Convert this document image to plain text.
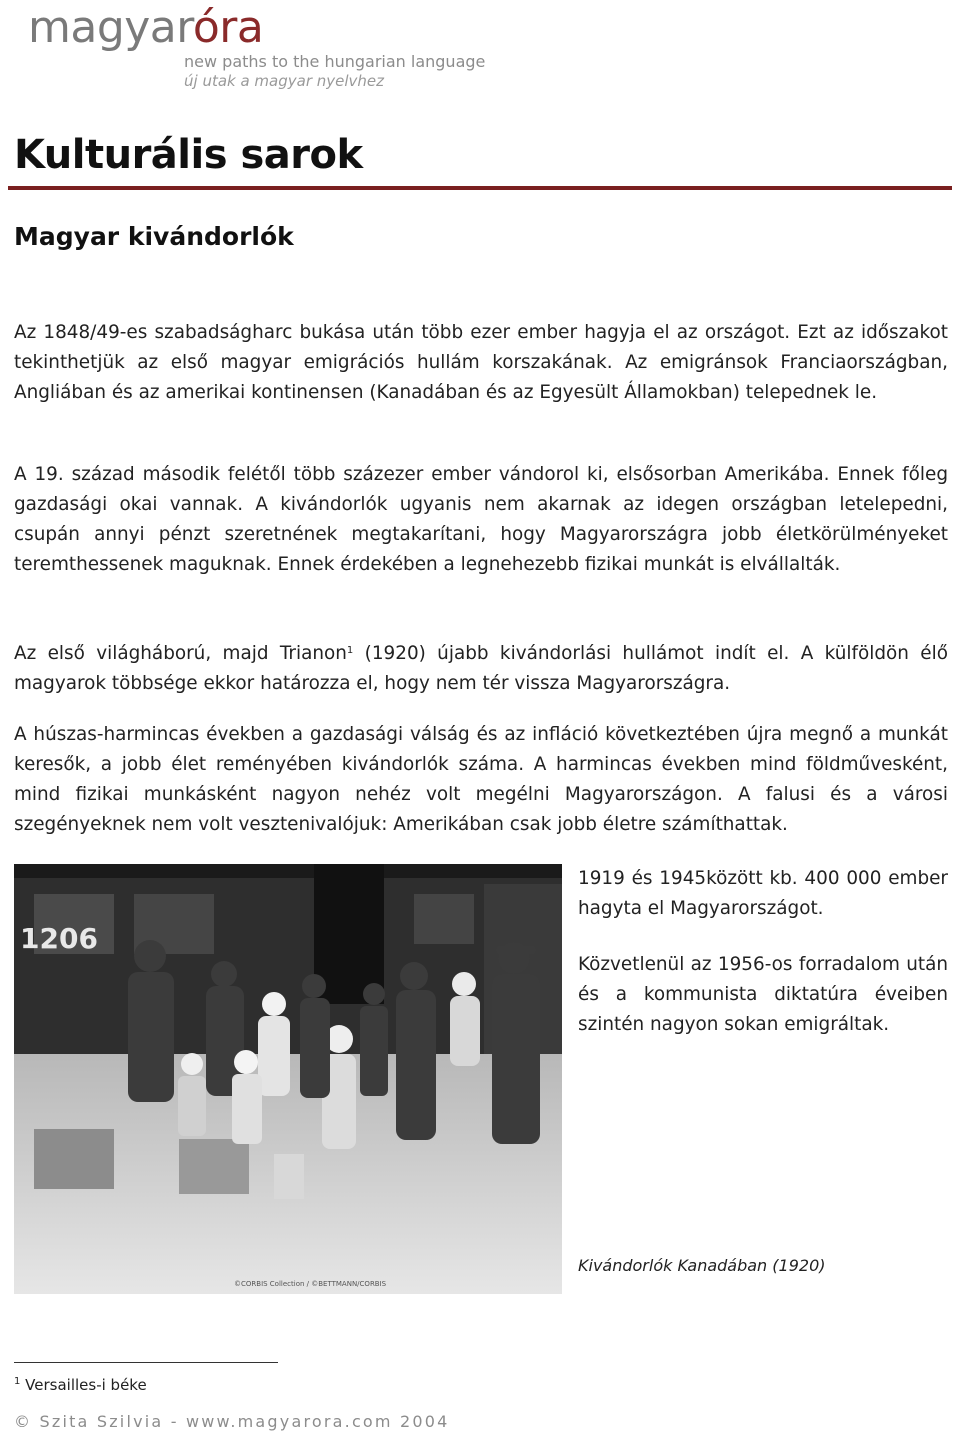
magyaróra
new paths to the hungarian language
új utak a magyar nyelvhez
Kulturális sarok
Magyar kivándorlók

Az 1848/49-es szabadságharc bukása után több ezer ember hagyja el az országot. Ezt az időszakot tekinthetjük az első magyar emigrációs hullám korszakának. Az emigránsok Franciaországban, Angliában és az amerikai kontinensen (Kanadában és az Egyesült Államokban) telepednek le.

A 19. század második felétől több százezer ember vándorol ki, elsősorban Amerikába. Ennek főleg gazdasági okai vannak. A kivándorlók ugyanis nem akarnak az idegen országban letelepedni, csupán annyi pénzt szeretnének megtakarítani, hogy Magyarországra jobb életkörülményeket teremthessenek maguknak. Ennek érdekében a legnehezebb fizikai munkát is elvállalták.

Az első világháború, majd Trianon$^1$ (1920) újabb kivándorlási hullámot indít el. A külföldön élő magyarok többsége ekkor határozza el, hogy nem tér vissza Magyarországra.

A húszas-harmincas években a gazdasági válság és az infláció következtében újra megnő a munkát keresők, a jobb élet reményében kivándorlók száma. A harmincas években mind földművesként, mind fizikai munkásként nagyon nehéz volt megélni Magyarországon. A falusi és a városi szegényeknek nem volt vesztenivalójuk: Amerikában csak jobb életre számíthattak.

1206
©CORBIS Collection / ©BETTMANN/CORBIS

1919 és 1945között kb. 400 000 ember hagyta el Magyarországot.

Közvetlenül az 1956-os forradalom után és a kommunista diktatúra éveiben szintén nagyon sokan emigráltak.

Kivándorlók Kanadában (1920)
$^1$ Versailles-i béke
© Szita Szilvia - www.magyarora.com 2004
